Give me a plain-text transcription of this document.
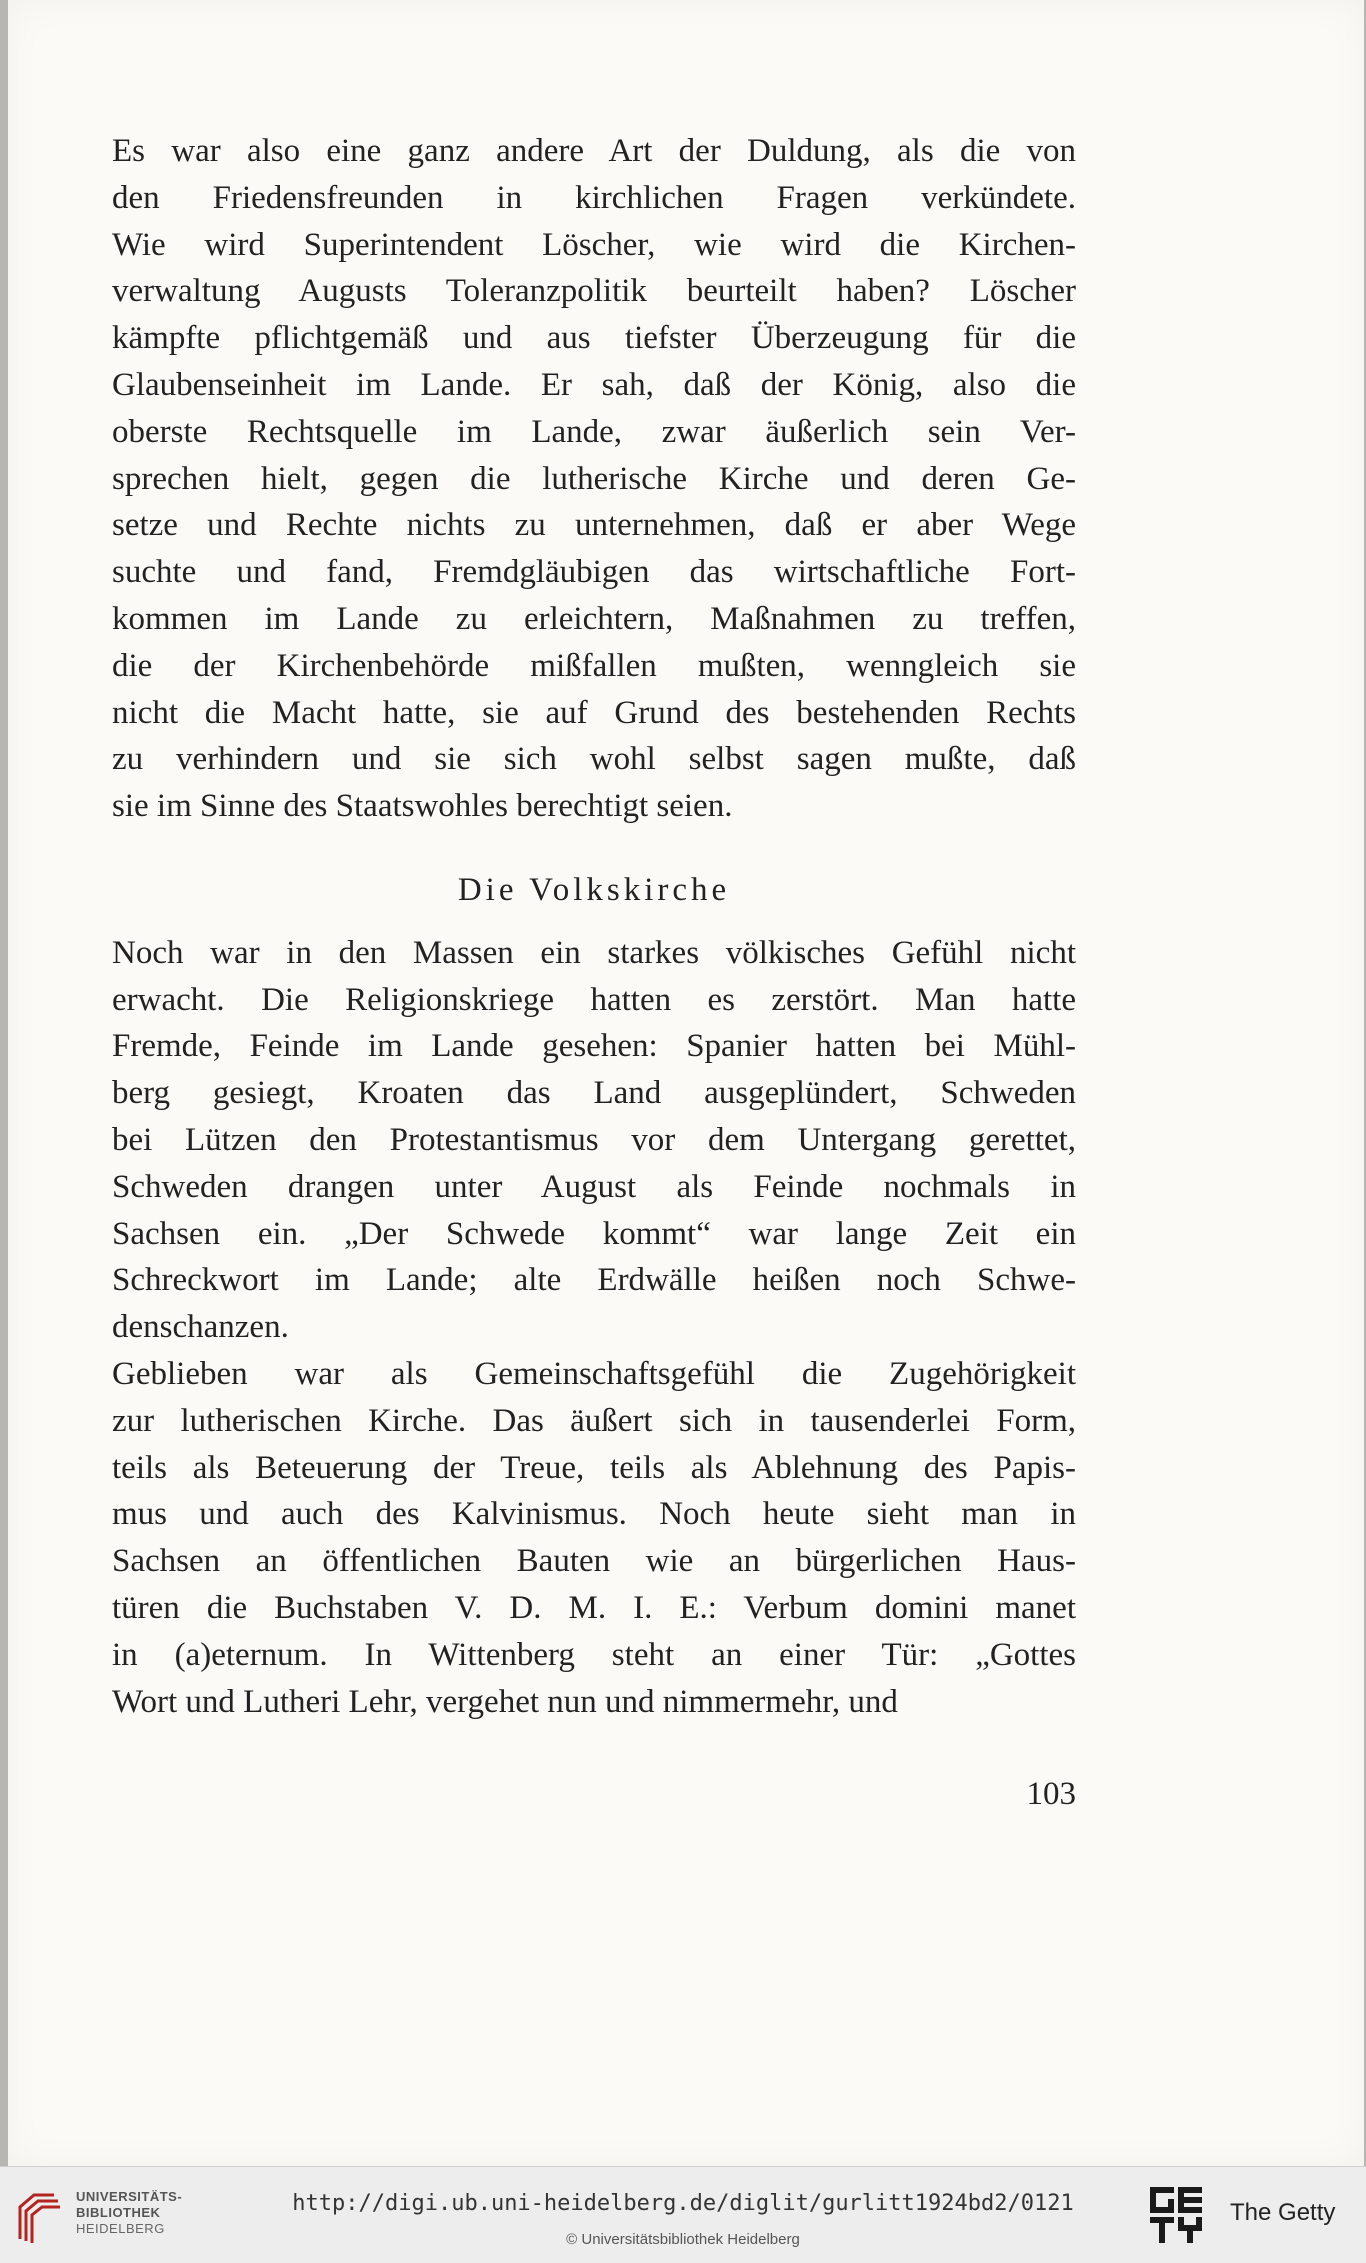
Es war also eine ganz andere Art der Duldung, als die von
den Friedensfreunden in kirchlichen Fragen verkündete.
Wie wird Superintendent Löscher, wie wird die Kirchen-
verwaltung Augusts Toleranzpolitik beurteilt haben? Löscher
kämpfte pflichtgemäß und aus tiefster Überzeugung für die
Glaubenseinheit im Lande. Er sah, daß der König, also die
oberste Rechtsquelle im Lande, zwar äußerlich sein Ver-
sprechen hielt, gegen die lutherische Kirche und deren Ge-
setze und Rechte nichts zu unternehmen, daß er aber Wege
suchte und fand, Fremdgläubigen das wirtschaftliche Fort-
kommen im Lande zu erleichtern, Maßnahmen zu treffen,
die der Kirchenbehörde mißfallen mußten, wenngleich sie
nicht die Macht hatte, sie auf Grund des bestehenden Rechts
zu verhindern und sie sich wohl selbst sagen mußte, daß
sie im Sinne des Staatswohles berechtigt seien.
Die Volkskirche
Noch war in den Massen ein starkes völkisches Gefühl nicht
erwacht. Die Religionskriege hatten es zerstört. Man hatte
Fremde, Feinde im Lande gesehen: Spanier hatten bei Mühl-
berg gesiegt, Kroaten das Land ausgeplündert, Schweden
bei Lützen den Protestantismus vor dem Untergang gerettet,
Schweden drangen unter August als Feinde nochmals in
Sachsen ein. „Der Schwede kommt“ war lange Zeit ein
Schreckwort im Lande; alte Erdwälle heißen noch Schwe-
denschanzen.
Geblieben war als Gemeinschaftsgefühl die Zugehörigkeit
zur lutherischen Kirche. Das äußert sich in tausenderlei Form,
teils als Beteuerung der Treue, teils als Ablehnung des Papis-
mus und auch des Kalvinismus. Noch heute sieht man in
Sachsen an öffentlichen Bauten wie an bürgerlichen Haus-
türen die Buchstaben V. D. M. I. E.: Verbum domini manet
in (a)eternum. In Wittenberg steht an einer Tür: „Gottes
Wort und Lutheri Lehr, vergehet nun und nimmermehr, und
103
UNIVERSITÄTS-
BIBLIOTHEK
HEIDELBERG
http://digi.ub.uni-heidelberg.de/diglit/gurlitt1924bd2/0121
© Universitätsbibliothek Heidelberg
The Getty
